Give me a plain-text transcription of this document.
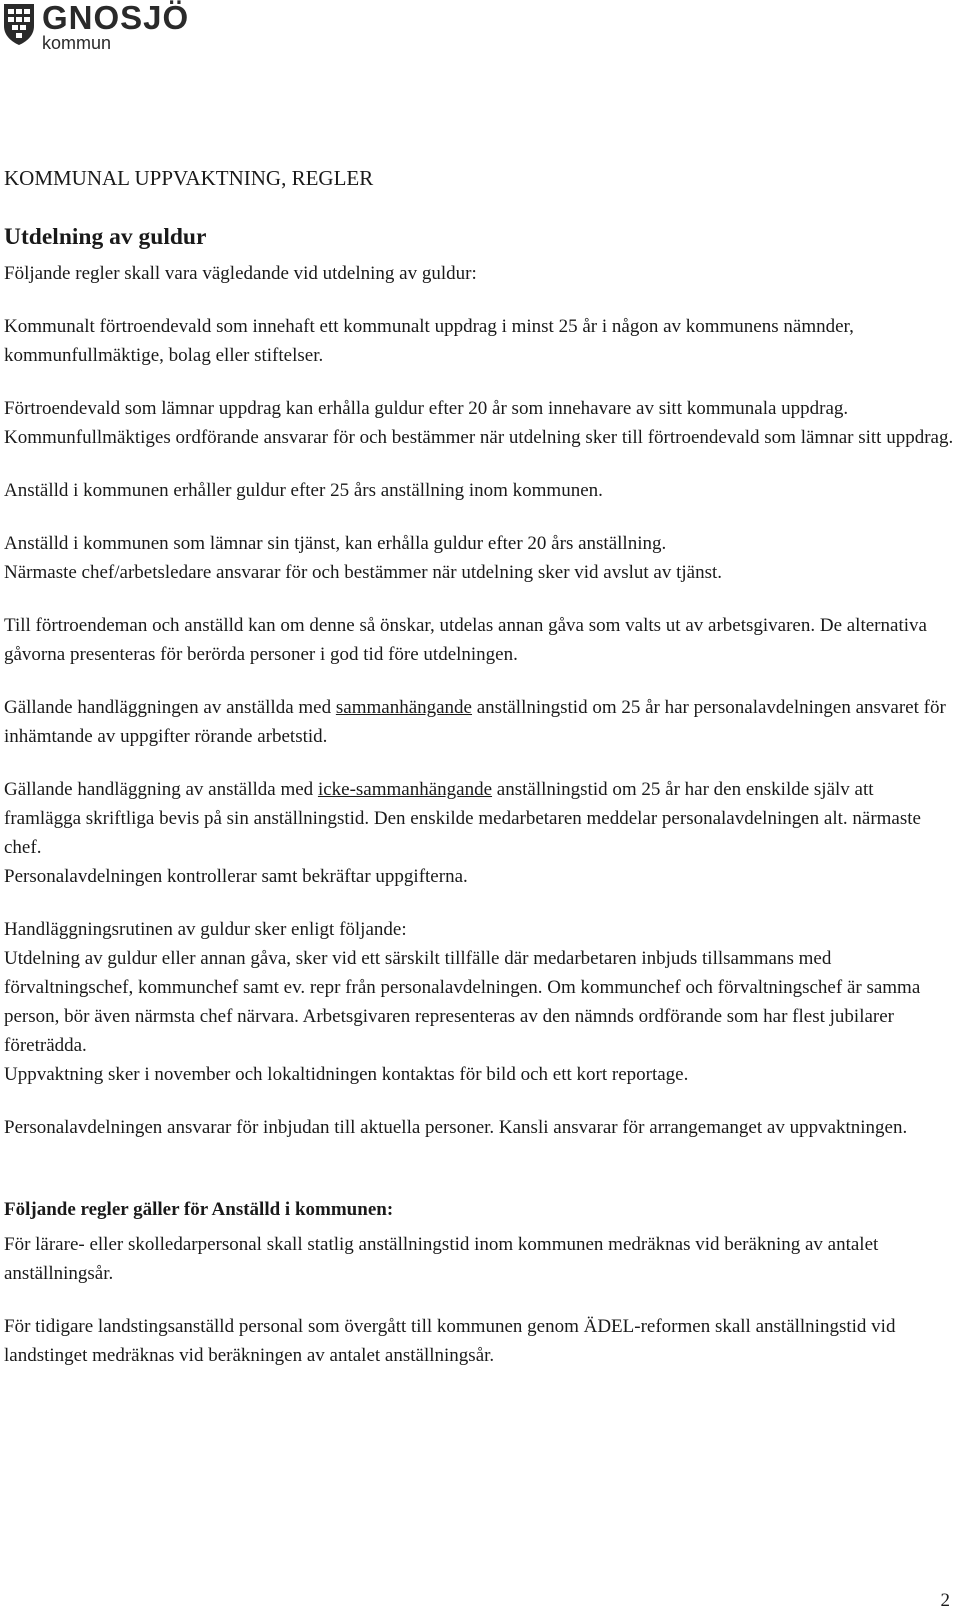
GNOSJÖ
kommun
KOMMUNAL UPPVAKTNING, REGLER
Utdelning av guldur

Följande regler skall vara vägledande vid utdelning av guldur:

Kommunalt förtroendevald som innehaft ett kommunalt uppdrag i minst 25 år i någon av kommunens nämnder, kommunfullmäktige, bolag eller stiftelser.

Förtroendevald som lämnar uppdrag kan erhålla guldur efter 20 år som innehavare av sitt kommunala uppdrag. Kommunfullmäktiges ordförande ansvarar för och bestämmer när utdelning sker till förtroendevald som lämnar sitt uppdrag.

Anställd i kommunen erhåller guldur efter 25 års anställning inom kommunen.

Anställd i kommunen som lämnar sin tjänst, kan erhålla guldur efter 20 års anställning.

Närmaste chef/arbetsledare ansvarar för och bestämmer när utdelning sker vid avslut av tjänst.

Till förtroendeman och anställd kan om denne så önskar, utdelas annan gåva som valts ut av arbetsgivaren. De alternativa gåvorna presenteras för berörda personer i god tid före utdelningen.

Gällande handläggningen av anställda med sammanhängande anställningstid om 25 år har personalavdelningen ansvaret för inhämtande av uppgifter rörande arbetstid.

Gällande handläggning av anställda med icke-sammanhängande anställningstid om 25 år har den enskilde själv att framlägga skriftliga bevis på sin anställningstid. Den enskilde medarbetaren meddelar personalavdelningen alt. närmaste chef.

Personalavdelningen kontrollerar samt bekräftar uppgifterna.

Handläggningsrutinen av guldur sker enligt följande:

Utdelning av guldur eller annan gåva, sker vid ett särskilt tillfälle där medarbetaren inbjuds tillsammans med förvaltningschef, kommunchef samt ev. repr från personalavdelningen. Om kommunchef och förvaltningschef är samma person, bör även närmsta chef närvara. Arbetsgivaren representeras av den nämnds ordförande som har flest jubilarer företrädda.

Uppvaktning sker i november och lokaltidningen kontaktas för bild och ett kort reportage.

Personalavdelningen ansvarar för inbjudan till aktuella personer. Kansli ansvarar för arrangemanget av uppvaktningen.

Följande regler gäller för Anställd i kommunen:

För lärare- eller skolledarpersonal skall statlig anställningstid inom kommunen medräknas vid beräkning av antalet anställningsår.

För tidigare landstingsanställd personal som övergått till kommunen genom ÄDEL-reformen skall anställningstid vid landstinget medräknas vid beräkningen av antalet anställningsår.

2
